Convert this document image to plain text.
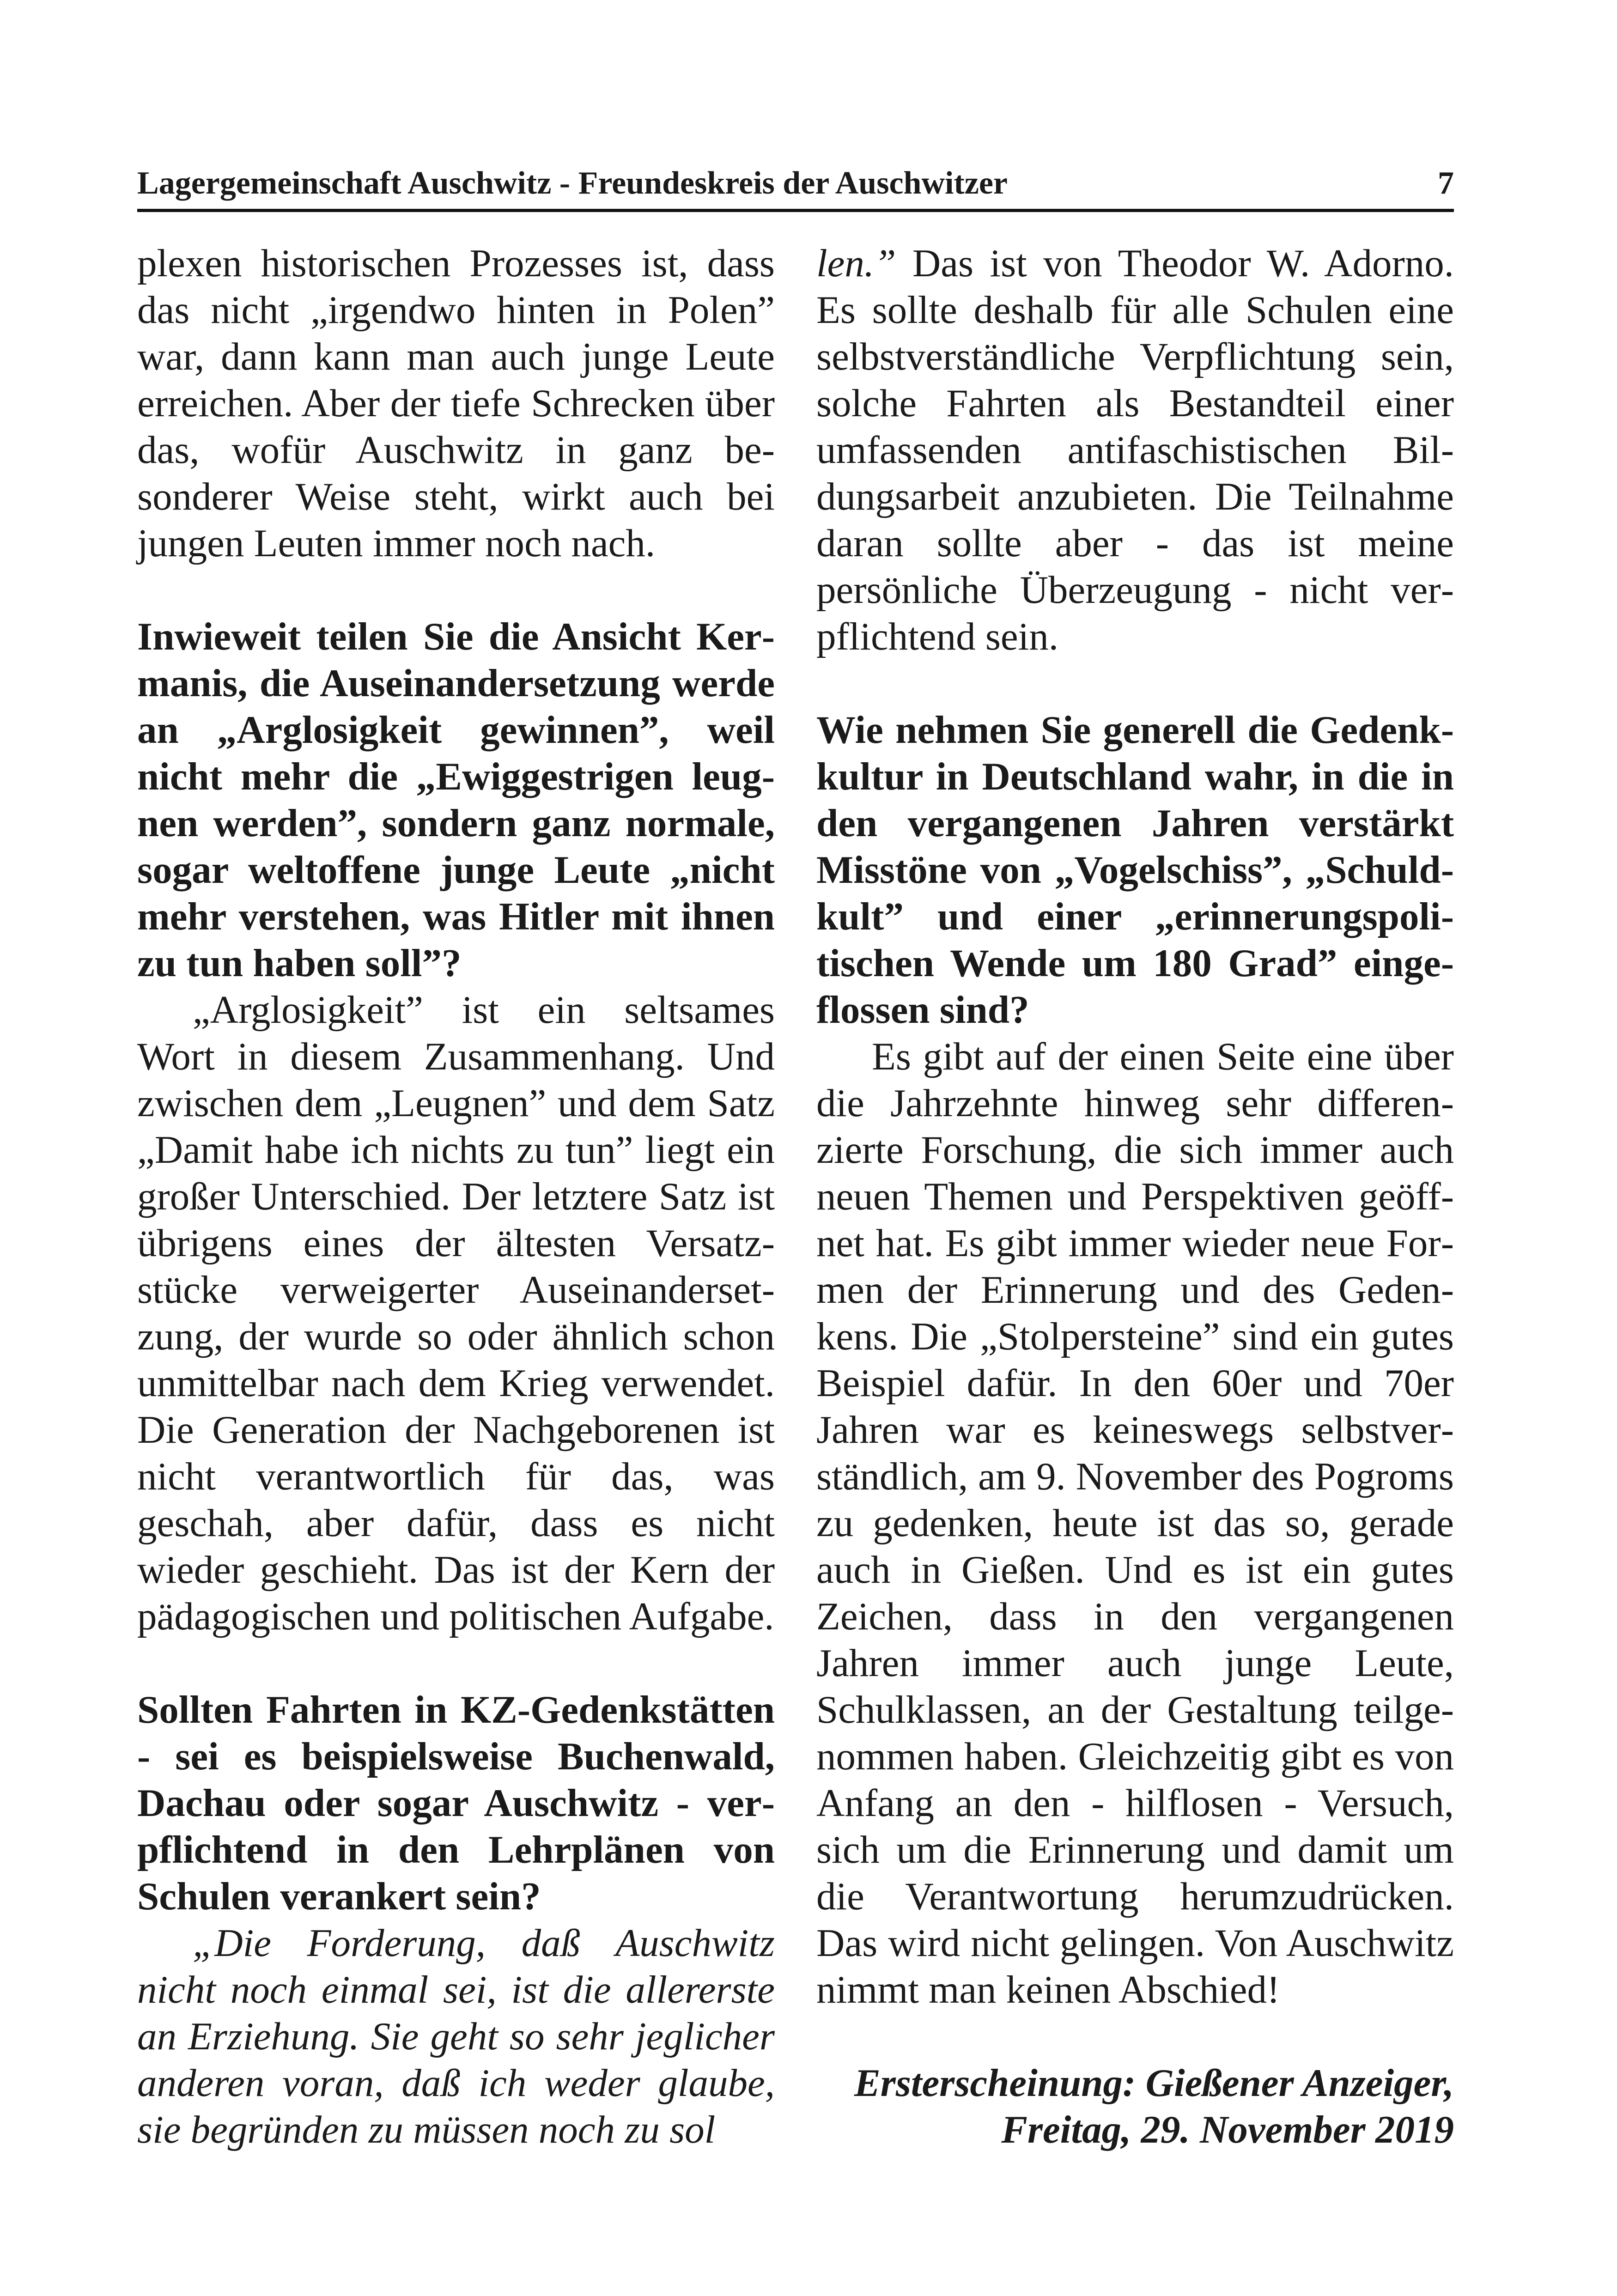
Lagergemeinschaft Auschwitz - Freundeskreis der Auschwitzer	7

plexen historischen Prozesses ist, dass das nicht „irgendwo hinten in Polen” war, dann kann man auch junge Leute erreichen. Aber der tiefe Schrecken über das, wofür Auschwitz in ganz besonderer Weise steht, wirkt auch bei jungen Leuten immer noch nach.

Inwieweit teilen Sie die Ansicht Kermanis, die Auseinandersetzung werde an „Arglosigkeit gewinnen”, weil nicht mehr die „Ewiggestrigen leugnen werden”, sondern ganz normale, sogar weltoffene junge Leute „nicht mehr verstehen, was Hitler mit ihnen zu tun haben soll”?

„Arglosigkeit” ist ein seltsames Wort in diesem Zusammenhang. Und zwischen dem „Leugnen” und dem Satz „Damit habe ich nichts zu tun” liegt ein großer Unterschied. Der letztere Satz ist übrigens eines der ältesten Versatzstücke verweigerter Auseinandersetzung, der wurde so oder ähnlich schon unmittelbar nach dem Krieg verwendet. Die Generation der Nachgeborenen ist nicht verantwortlich für das, was geschah, aber dafür, dass es nicht wieder geschieht. Das ist der Kern der pädagogischen und politischen Aufgabe.

Sollten Fahrten in KZ-Gedenkstätten - sei es beispielsweise Buchenwald, Dachau oder sogar Auschwitz - verpflichtend in den Lehrplänen von Schulen verankert sein?

„Die Forderung, daß Auschwitz nicht noch einmal sei, ist die allererste an Erziehung. Sie geht so sehr jeglicher anderen voran, daß ich weder glaube, sie begründen zu müssen noch zu sol

len.” Das ist von Theodor W. Adorno. Es sollte deshalb für alle Schulen eine selbstverständliche Verpflichtung sein, solche Fahrten als Bestandteil einer umfassenden antifaschistischen Bildungsarbeit anzubieten. Die Teilnahme daran sollte aber - das ist meine persönliche Überzeugung - nicht verpflichtend sein.

Wie nehmen Sie generell die Gedenkkultur in Deutschland wahr, in die in den vergangenen Jahren verstärkt Misstöne von „Vogelschiss”, „Schuldkult” und einer „erinnerungspolitischen Wende um 180 Grad” eingeflossen sind?

Es gibt auf der einen Seite eine über die Jahrzehnte hinweg sehr differenzierte Forschung, die sich immer auch neuen Themen und Perspektiven geöffnet hat. Es gibt immer wieder neue Formen der Erinnerung und des Gedenkens. Die „Stolpersteine” sind ein gutes Beispiel dafür. In den 60er und 70er Jahren war es keineswegs selbstverständlich, am 9. November des Pogroms zu gedenken, heute ist das so, gerade auch in Gießen. Und es ist ein gutes Zeichen, dass in den vergangenen Jahren immer auch junge Leute, Schulklassen, an der Gestaltung teilgenommen haben. Gleichzeitig gibt es von Anfang an den - hilflosen - Versuch, sich um die Erinnerung und damit um die Verantwortung herumzudrücken. Das wird nicht gelingen. Von Auschwitz nimmt man keinen Abschied!

Ersterscheinung: Gießener Anzeiger,
Freitag, 29. November 2019
